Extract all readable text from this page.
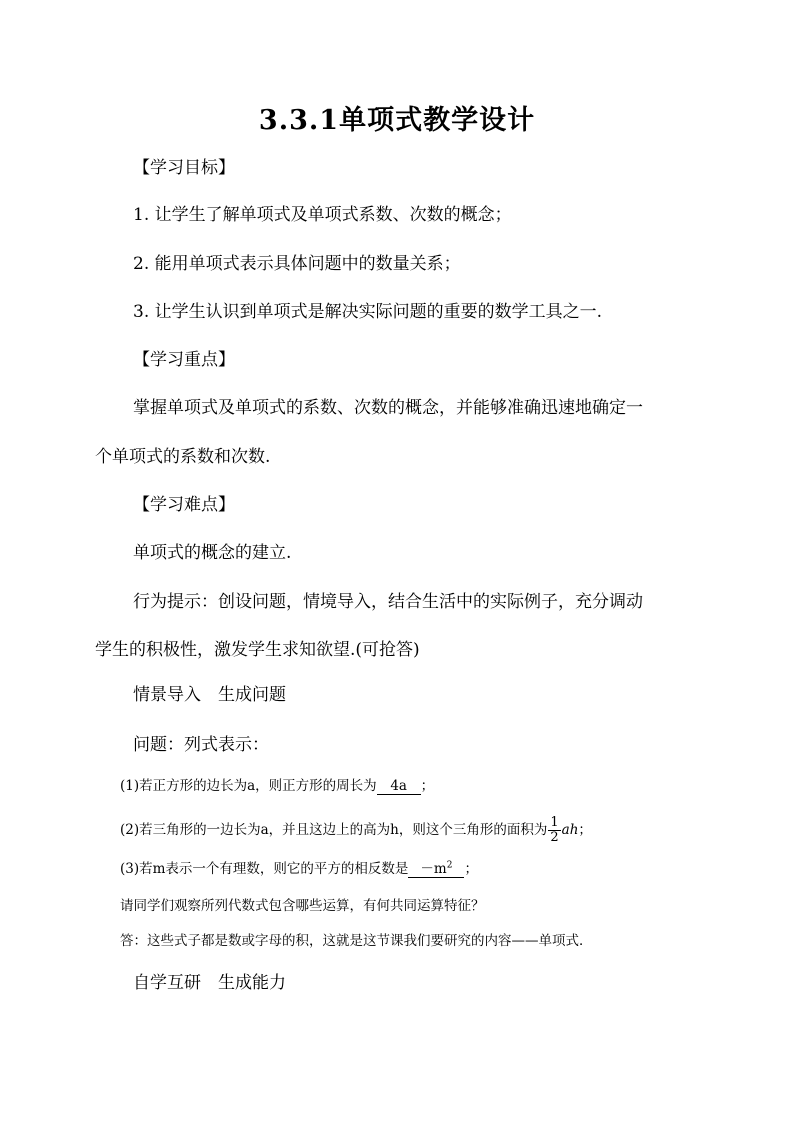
3.3.1单项式教学设计
【学习目标】
1. 让学生了解单项式及单项式系数、次数的概念；
2. 能用单项式表示具体问题中的数量关系；
3. 让学生认识到单项式是解决实际问题的重要的数学工具之一.
【学习重点】
掌握单项式及单项式的系数、次数的概念，并能够准确迅速地确定一
个单项式的系数和次数.
【学习难点】
单项式的概念的建立.
行为提示：创设问题，情境导入，结合生活中的实际例子，充分调动
学生的积极性，激发学生求知欲望.(可抢答)
情景导入　生成问题
问题：列式表示：
(1)若正方形的边长为a，则正方形的周长为 4a ；
(2)若三角形的一边长为a，并且这边上的高为h，则这个三角形的面积为 $\frac{1}{2}$ ah；
(3)若m表示一个有理数，则它的平方的相反数是 $-m^2$ ；
请同学们观察所列代数式包含哪些运算，有何共同运算特征？
答：这些式子都是数或字母的积，这就是这节课我们要研究的内容——单项式．
自学互研　生成能力
